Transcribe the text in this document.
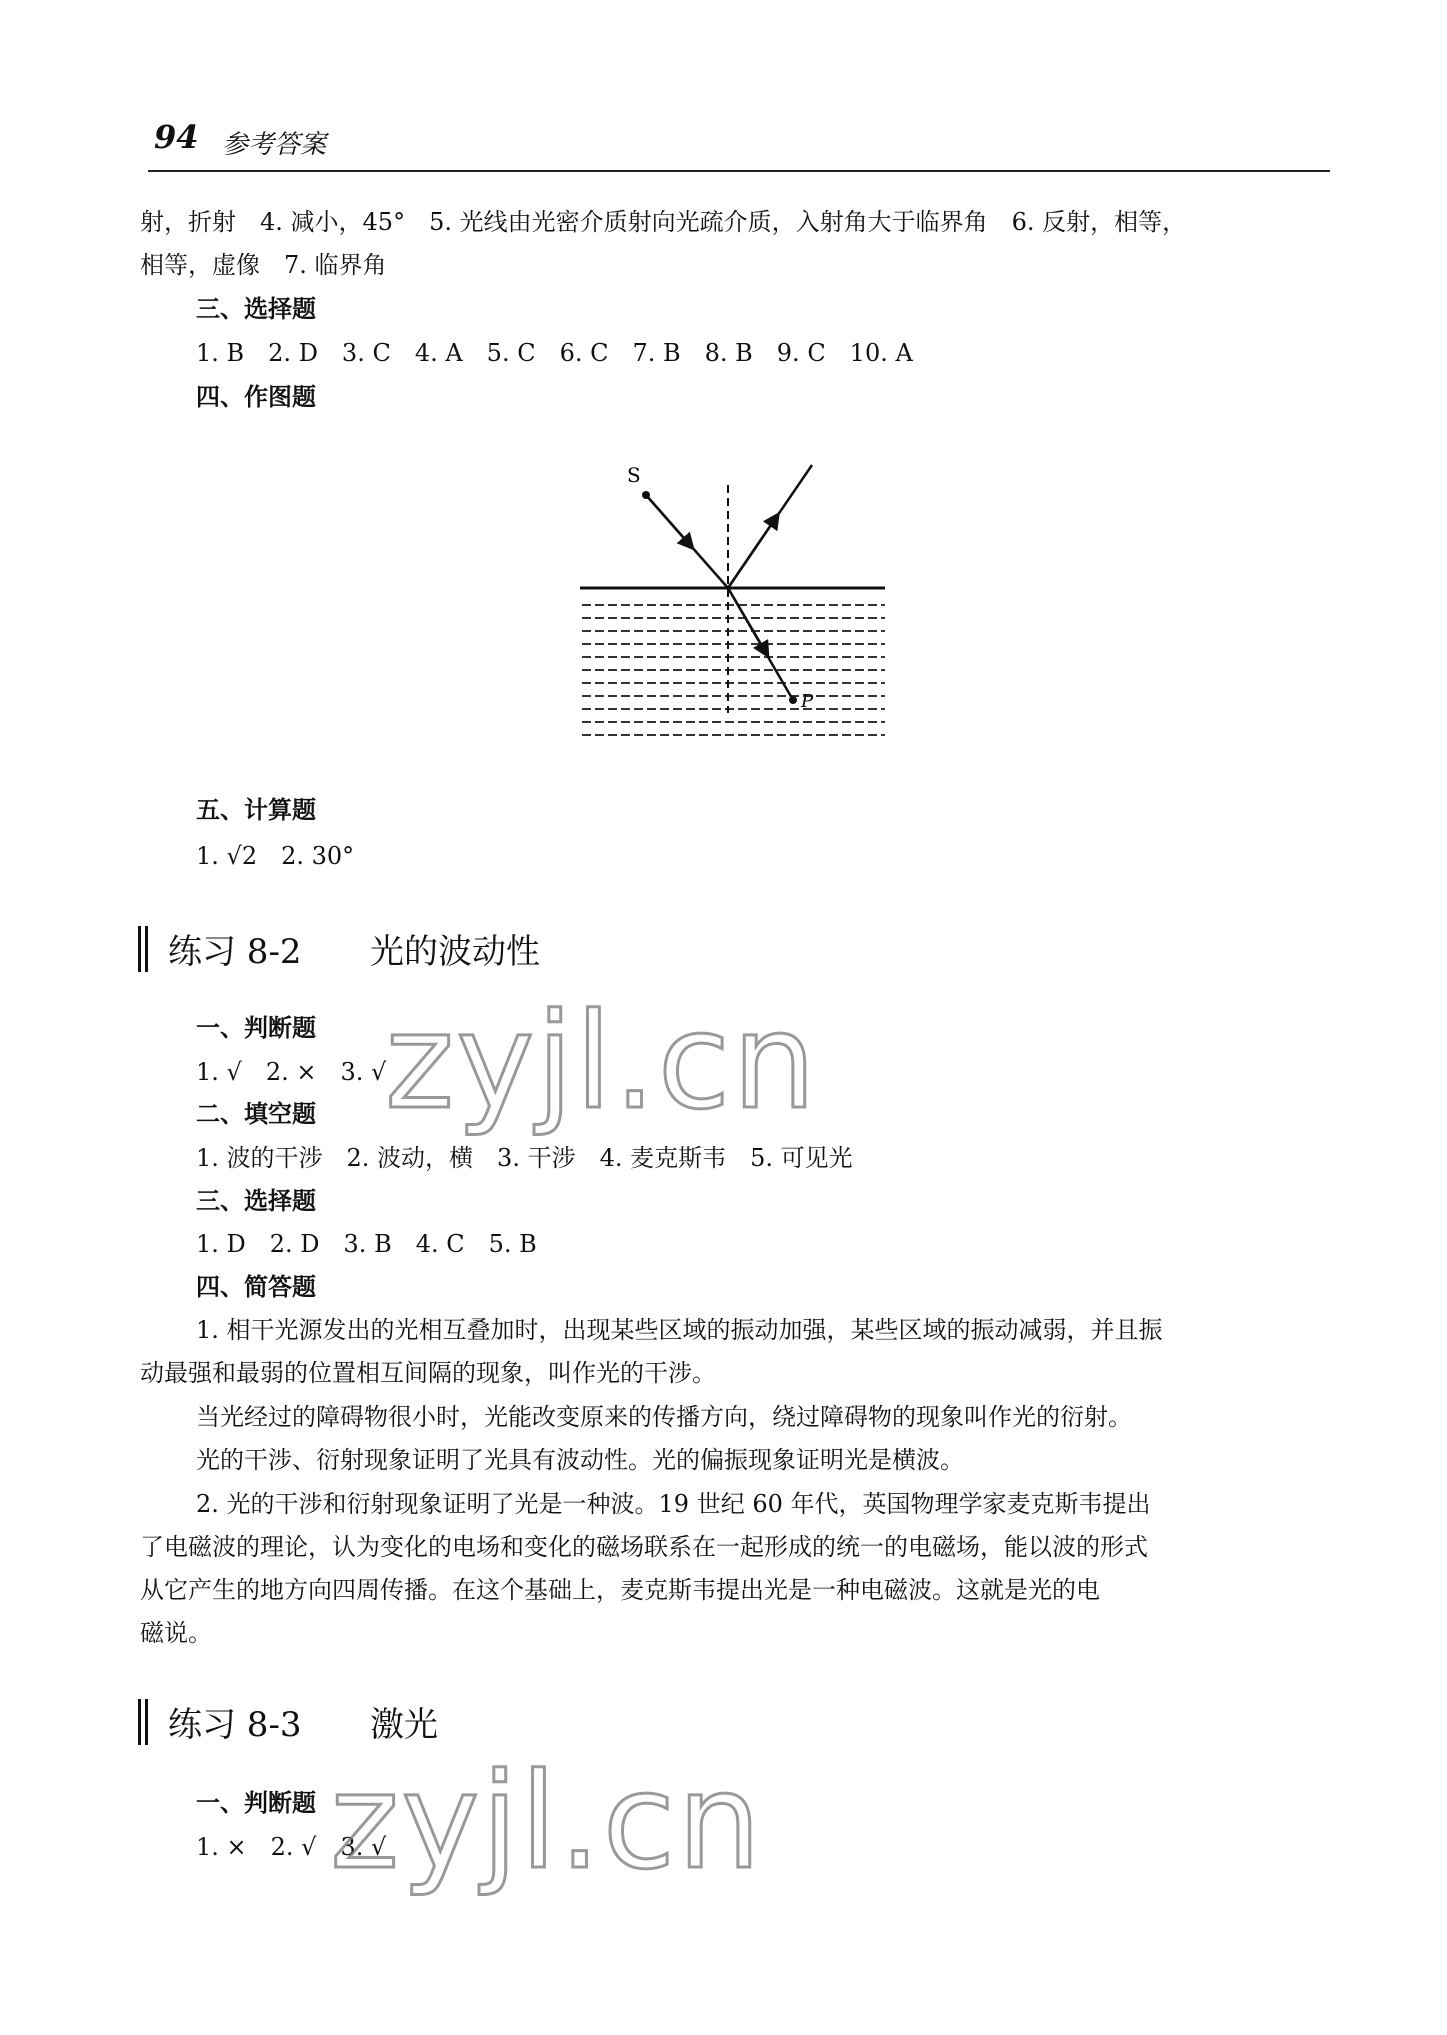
94 参考答案
射，折射　4. 减小，45°　5. 光线由光密介质射向光疏介质，入射角大于临界角　6. 反射，相等，
相等，虚像　7. 临界角
三、选择题
1. B　2. D　3. C　4. A　5. C　6. C　7. B　8. B　9. C　10. A
四、作图题
S
P
五、计算题
1. √2　2. 30°
练习 8-2 光的波动性
一、判断题
1. √　2. ×　3. √
二、填空题
1. 波的干涉　2. 波动，横　3. 干涉　4. 麦克斯韦　5. 可见光
三、选择题
1. D　2. D　3. B　4. C　5. B
四、简答题
1. 相干光源发出的光相互叠加时，出现某些区域的振动加强，某些区域的振动减弱，并且振
动最强和最弱的位置相互间隔的现象，叫作光的干涉。
当光经过的障碍物很小时，光能改变原来的传播方向，绕过障碍物的现象叫作光的衍射。
光的干涉、衍射现象证明了光具有波动性。光的偏振现象证明光是横波。
2. 光的干涉和衍射现象证明了光是一种波。19 世纪 60 年代，英国物理学家麦克斯韦提出
了电磁波的理论，认为变化的电场和变化的磁场联系在一起形成的统一的电磁场，能以波的形式
从它产生的地方向四周传播。在这个基础上，麦克斯韦提出光是一种电磁波。这就是光的电
磁说。
练习 8-3 激光
一、判断题
1. ×　2. √　3. √
zyjl.cn
zyjl.cn
